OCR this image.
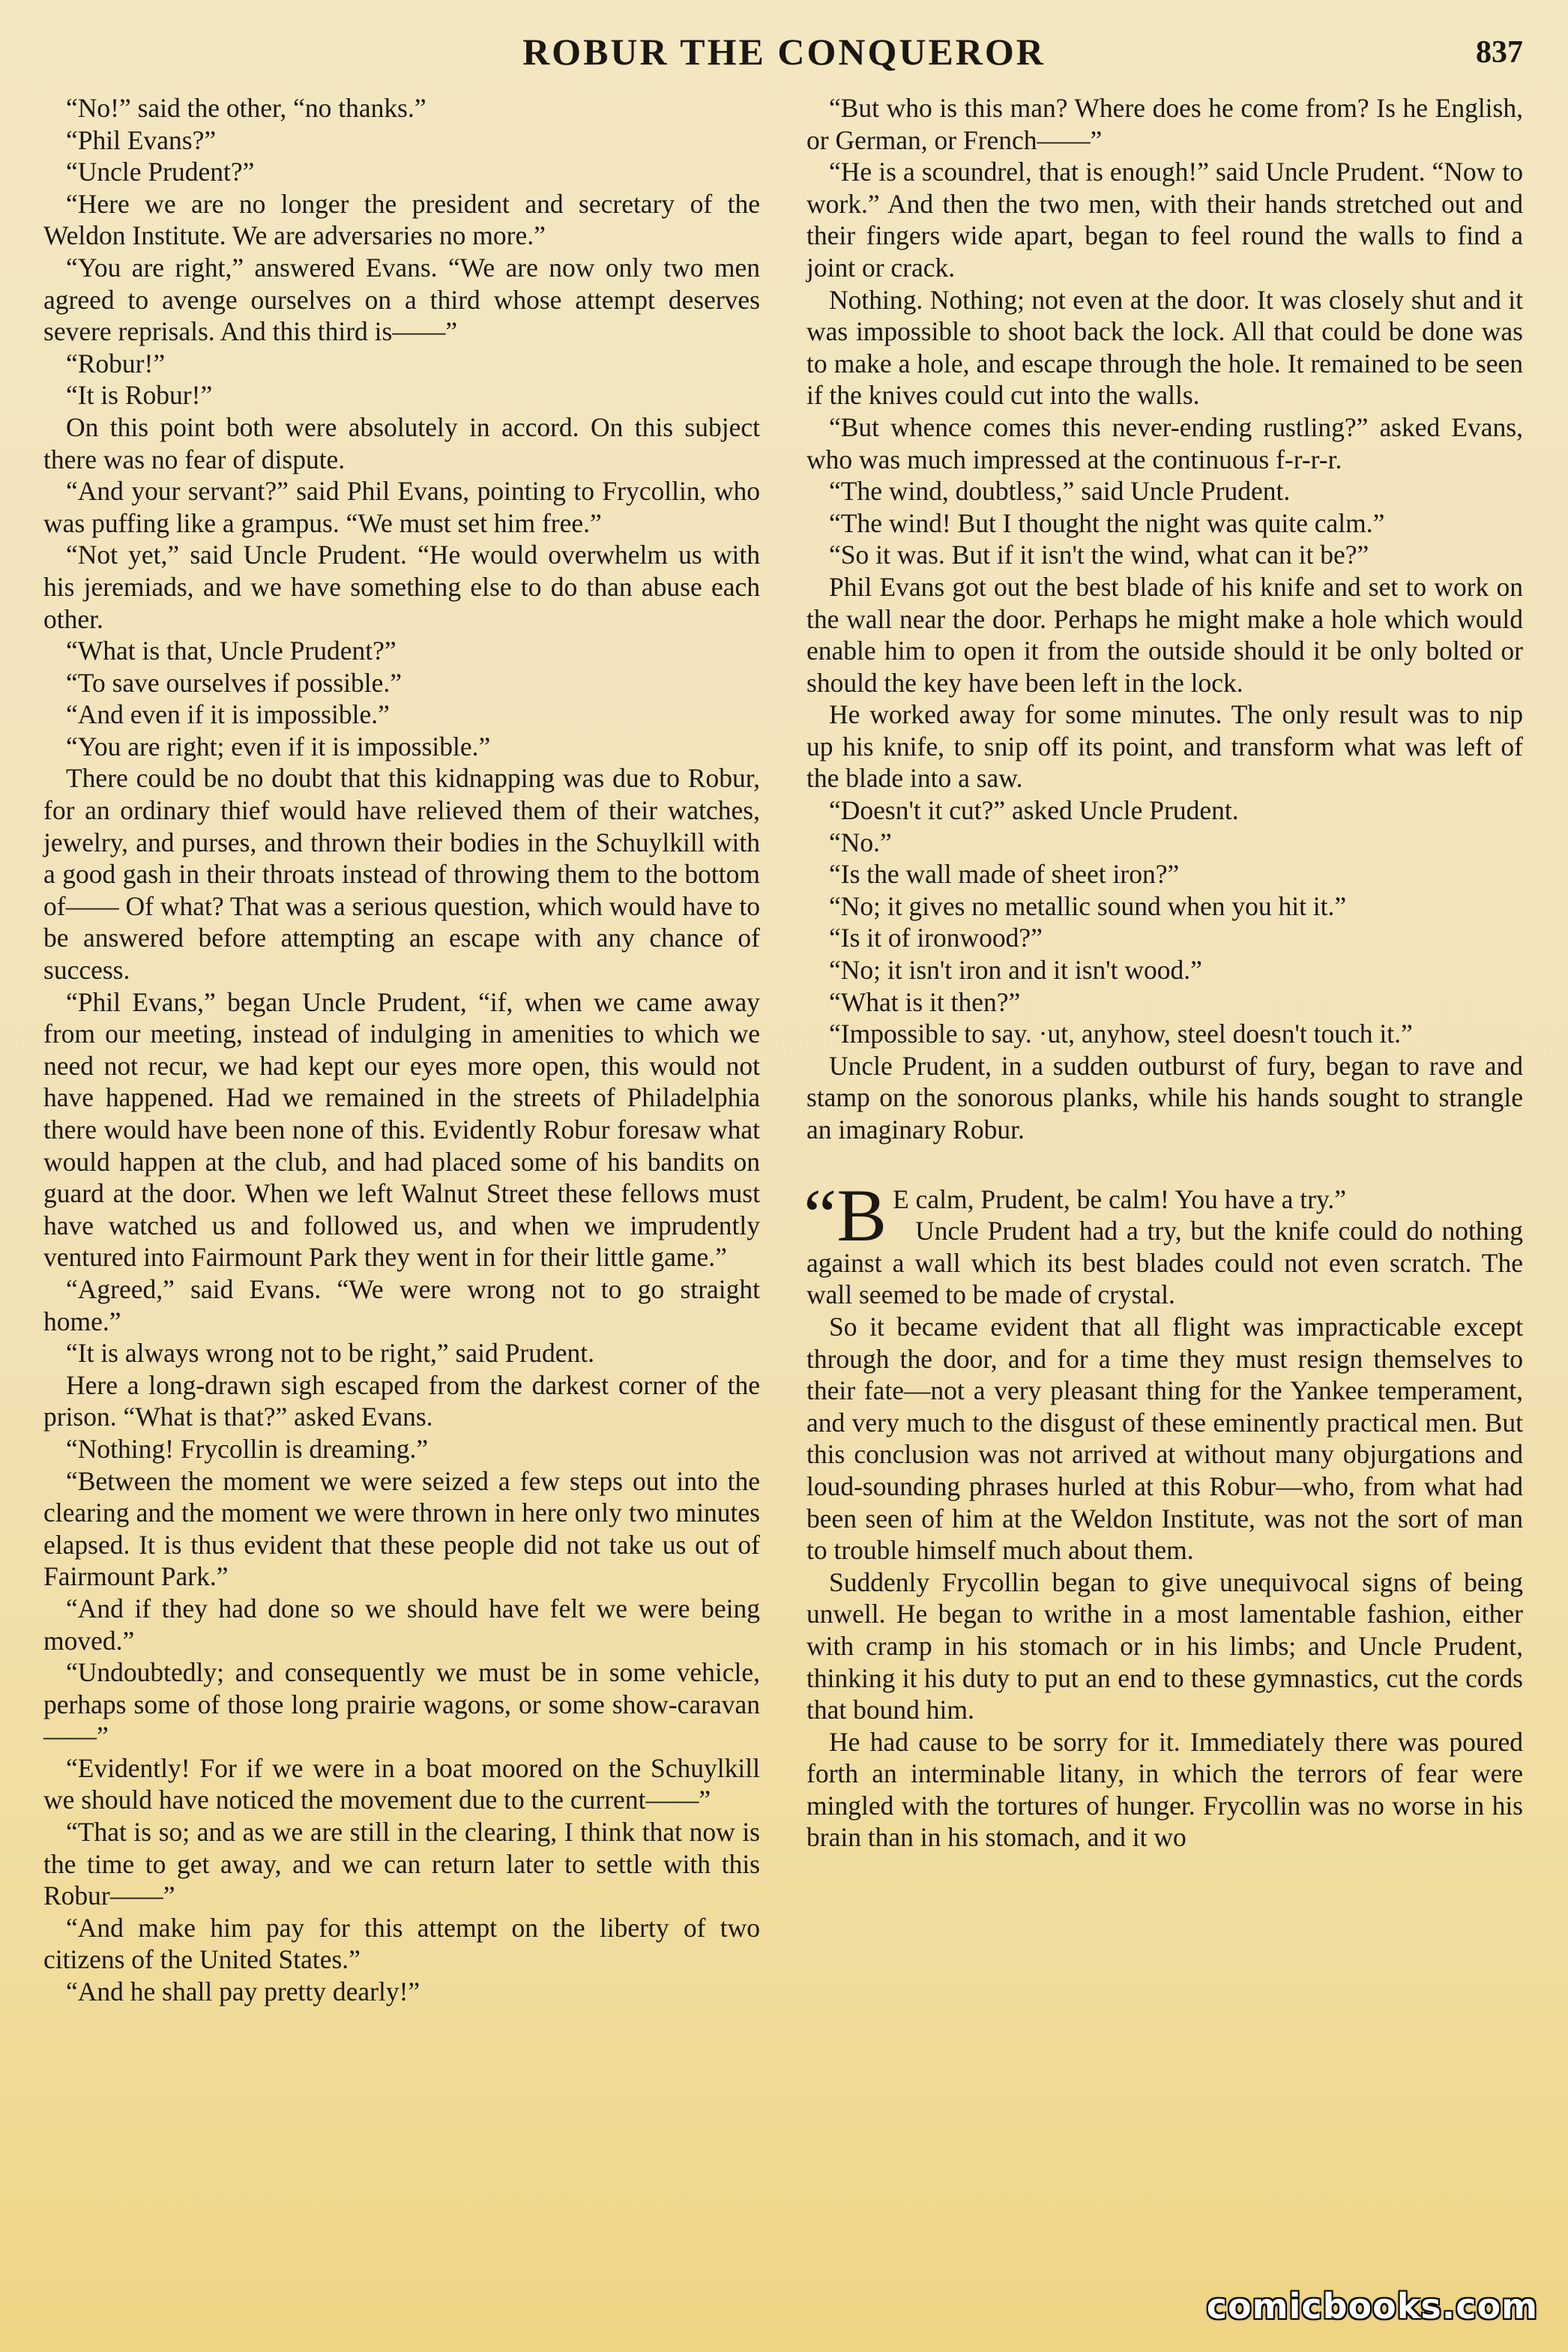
ROBUR THE CONQUEROR	837

“No!” said the other, “no thanks.”

“Phil Evans?”

“Uncle Prudent?”

“Here we are no longer the president and secretary of the Weldon Institute. We are adversaries no more.”

“You are right,” answered Evans. “We are now only two men agreed to avenge ourselves on a third whose attempt deserves severe reprisals. And this third is——”

“Robur!”

“It is Robur!”

On this point both were absolutely in accord. On this subject there was no fear of dispute.

“And your servant?” said Phil Evans, pointing to Frycollin, who was puffing like a grampus. “We must set him free.”

“Not yet,” said Uncle Prudent. “He would overwhelm us with his jeremiads, and we have something else to do than abuse each other.

“What is that, Uncle Prudent?”

“To save ourselves if possible.”

“And even if it is impossible.”

“You are right; even if it is impossible.”

There could be no doubt that this kidnapping was due to Robur, for an ordinary thief would have relieved them of their watches, jewelry, and purses, and thrown their bodies in the Schuylkill with a good gash in their throats instead of throwing them to the bottom of—— Of what? That was a serious question, which would have to be answered before attempting an escape with any chance of success.

“Phil Evans,” began Uncle Prudent, “if, when we came away from our meeting, instead of indulging in amenities to which we need not recur, we had kept our eyes more open, this would not have happened. Had we remained in the streets of Philadelphia there would have been none of this. Evidently Robur foresaw what would happen at the club, and had placed some of his bandits on guard at the door. When we left Walnut Street these fellows must have watched us and followed us, and when we imprudently ventured into Fairmount Park they went in for their little game.”

“Agreed,” said Evans. “We were wrong not to go straight home.”

“It is always wrong not to be right,” said Prudent.

Here a long-drawn sigh escaped from the darkest corner of the prison. “What is that?” asked Evans.

“Nothing! Frycollin is dreaming.”

“Between the moment we were seized a few steps out into the clearing and the moment we were thrown in here only two minutes elapsed. It is thus evident that these people did not take us out of Fairmount Park.”

“And if they had done so we should have felt we were being moved.”

“Undoubtedly; and consequently we must be in some vehicle, perhaps some of those long prairie wagons, or some show-caravan——”

“Evidently! For if we were in a boat moored on the Schuylkill we should have noticed the movement due to the current——”

“That is so; and as we are still in the clearing, I think that now is the time to get away, and we can return later to settle with this Robur——”

“And make him pay for this attempt on the liberty of two citizens of the United States.”

“And he shall pay pretty dearly!”

“But who is this man? Where does he come from? Is he English, or German, or French——”

“He is a scoundrel, that is enough!” said Uncle Prudent. “Now to work.” And then the two men, with their hands stretched out and their fingers wide apart, began to feel round the walls to find a joint or crack.

Nothing. Nothing; not even at the door. It was closely shut and it was impossible to shoot back the lock. All that could be done was to make a hole, and escape through the hole. It remained to be seen if the knives could cut into the walls.

“But whence comes this never-ending rustling?” asked Evans, who was much impressed at the continuous f-r-r-r.

“The wind, doubtless,” said Uncle Prudent.

“The wind! But I thought the night was quite calm.”

“So it was. But if it isn't the wind, what can it be?”

Phil Evans got out the best blade of his knife and set to work on the wall near the door. Perhaps he might make a hole which would enable him to open it from the outside should it be only bolted or should the key have been left in the lock.

He worked away for some minutes. The only result was to nip up his knife, to snip off its point, and transform what was left of the blade into a saw.

“Doesn't it cut?” asked Uncle Prudent.

“No.”

“Is the wall made of sheet iron?”

“No; it gives no metallic sound when you hit it.”

“Is it of ironwood?”

“No; it isn't iron and it isn't wood.”

“What is it then?”

“Impossible to say. ·ut, anyhow, steel doesn't touch it.”

Uncle Prudent, in a sudden outburst of fury, began to rave and stamp on the sonorous planks, while his hands sought to strangle an imaginary Robur.

“B E calm, Prudent, be calm! You have a try.”

Uncle Prudent had a try, but the knife could do nothing against a wall which its best blades could not even scratch. The wall seemed to be made of crystal.

So it became evident that all flight was impracticable except through the door, and for a time they must resign themselves to their fate—not a very pleasant thing for the Yankee temperament, and very much to the disgust of these eminently practical men. But this conclusion was not arrived at without many objurgations and loud-sounding phrases hurled at this Robur—who, from what had been seen of him at the Weldon Institute, was not the sort of man to trouble himself much about them.

Suddenly Frycollin began to give unequivocal signs of being unwell. He began to writhe in a most lamentable fashion, either with cramp in his stomach or in his limbs; and Uncle Prudent, thinking it his duty to put an end to these gymnastics, cut the cords that bound him.

He had cause to be sorry for it. Immediately there was poured forth an interminable litany, in which the terrors of fear were mingled with the tortures of hunger. Frycollin was no worse in his brain than in his stomach, and it wo

comicbooks.com
